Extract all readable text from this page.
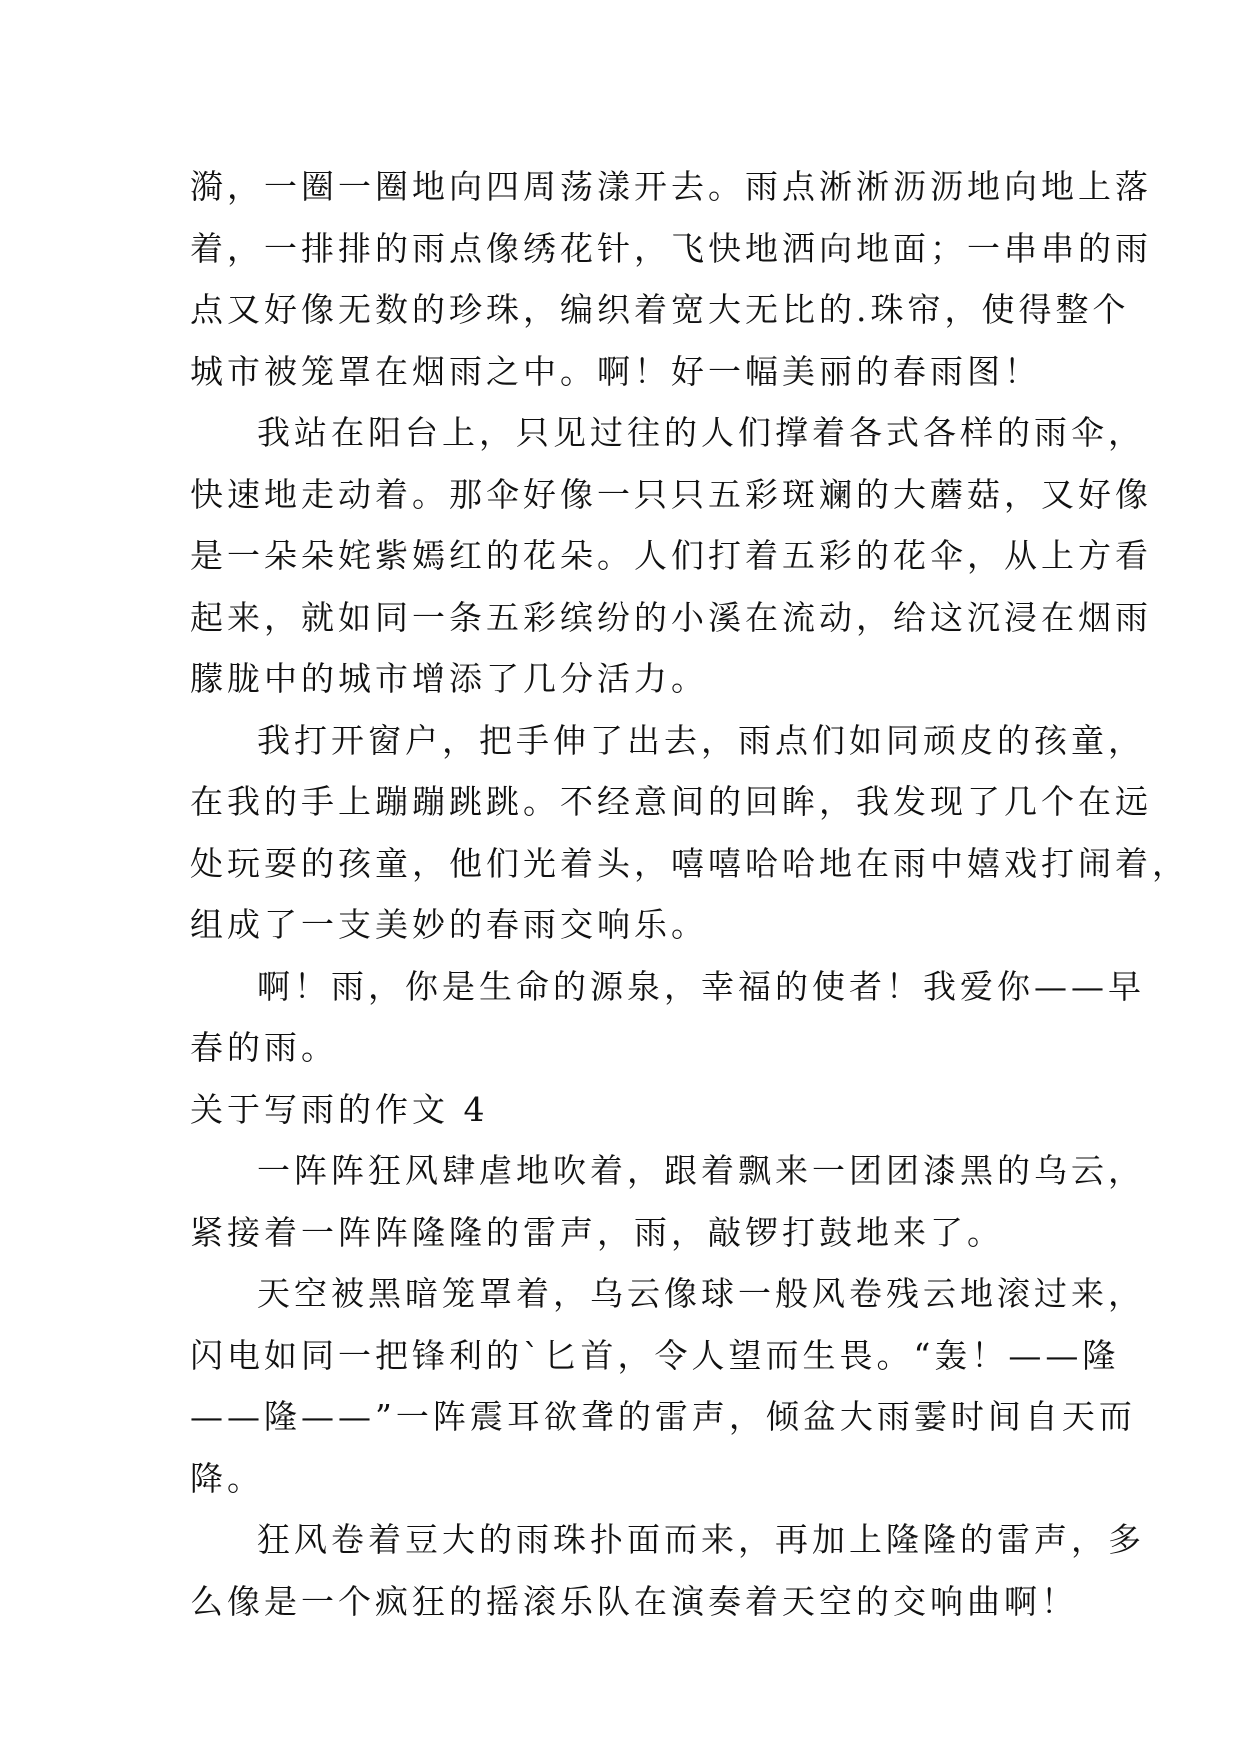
漪，一圈一圈地向四周荡漾开去。雨点淅淅沥沥地向地上落
着，一排排的雨点像绣花针，飞快地洒向地面；一串串的雨
点又好像无数的珍珠，编织着宽大无比的.珠帘，使得整个
城市被笼罩在烟雨之中。啊！好一幅美丽的春雨图！
我站在阳台上，只见过往的人们撑着各式各样的雨伞，
快速地走动着。那伞好像一只只五彩斑斓的大蘑菇，又好像
是一朵朵姹紫嫣红的花朵。人们打着五彩的花伞，从上方看
起来，就如同一条五彩缤纷的小溪在流动，给这沉浸在烟雨
朦胧中的城市增添了几分活力。
我打开窗户，把手伸了出去，雨点们如同顽皮的孩童，
在我的手上蹦蹦跳跳。不经意间的回眸，我发现了几个在远
处玩耍的孩童，他们光着头，嘻嘻哈哈地在雨中嬉戏打闹着，
组成了一支美妙的春雨交响乐。
啊！雨，你是生命的源泉，幸福的使者！我爱你——早
春的雨。
关于写雨的作文 4
一阵阵狂风肆虐地吹着，跟着飘来一团团漆黑的乌云，
紧接着一阵阵隆隆的雷声，雨，敲锣打鼓地来了。
天空被黑暗笼罩着，乌云像球一般风卷残云地滚过来，
闪电如同一把锋利的`匕首，令人望而生畏。“轰！——隆
——隆——”一阵震耳欲聋的雷声，倾盆大雨霎时间自天而
降。
狂风卷着豆大的雨珠扑面而来，再加上隆隆的雷声，多
么像是一个疯狂的摇滚乐队在演奏着天空的交响曲啊！
